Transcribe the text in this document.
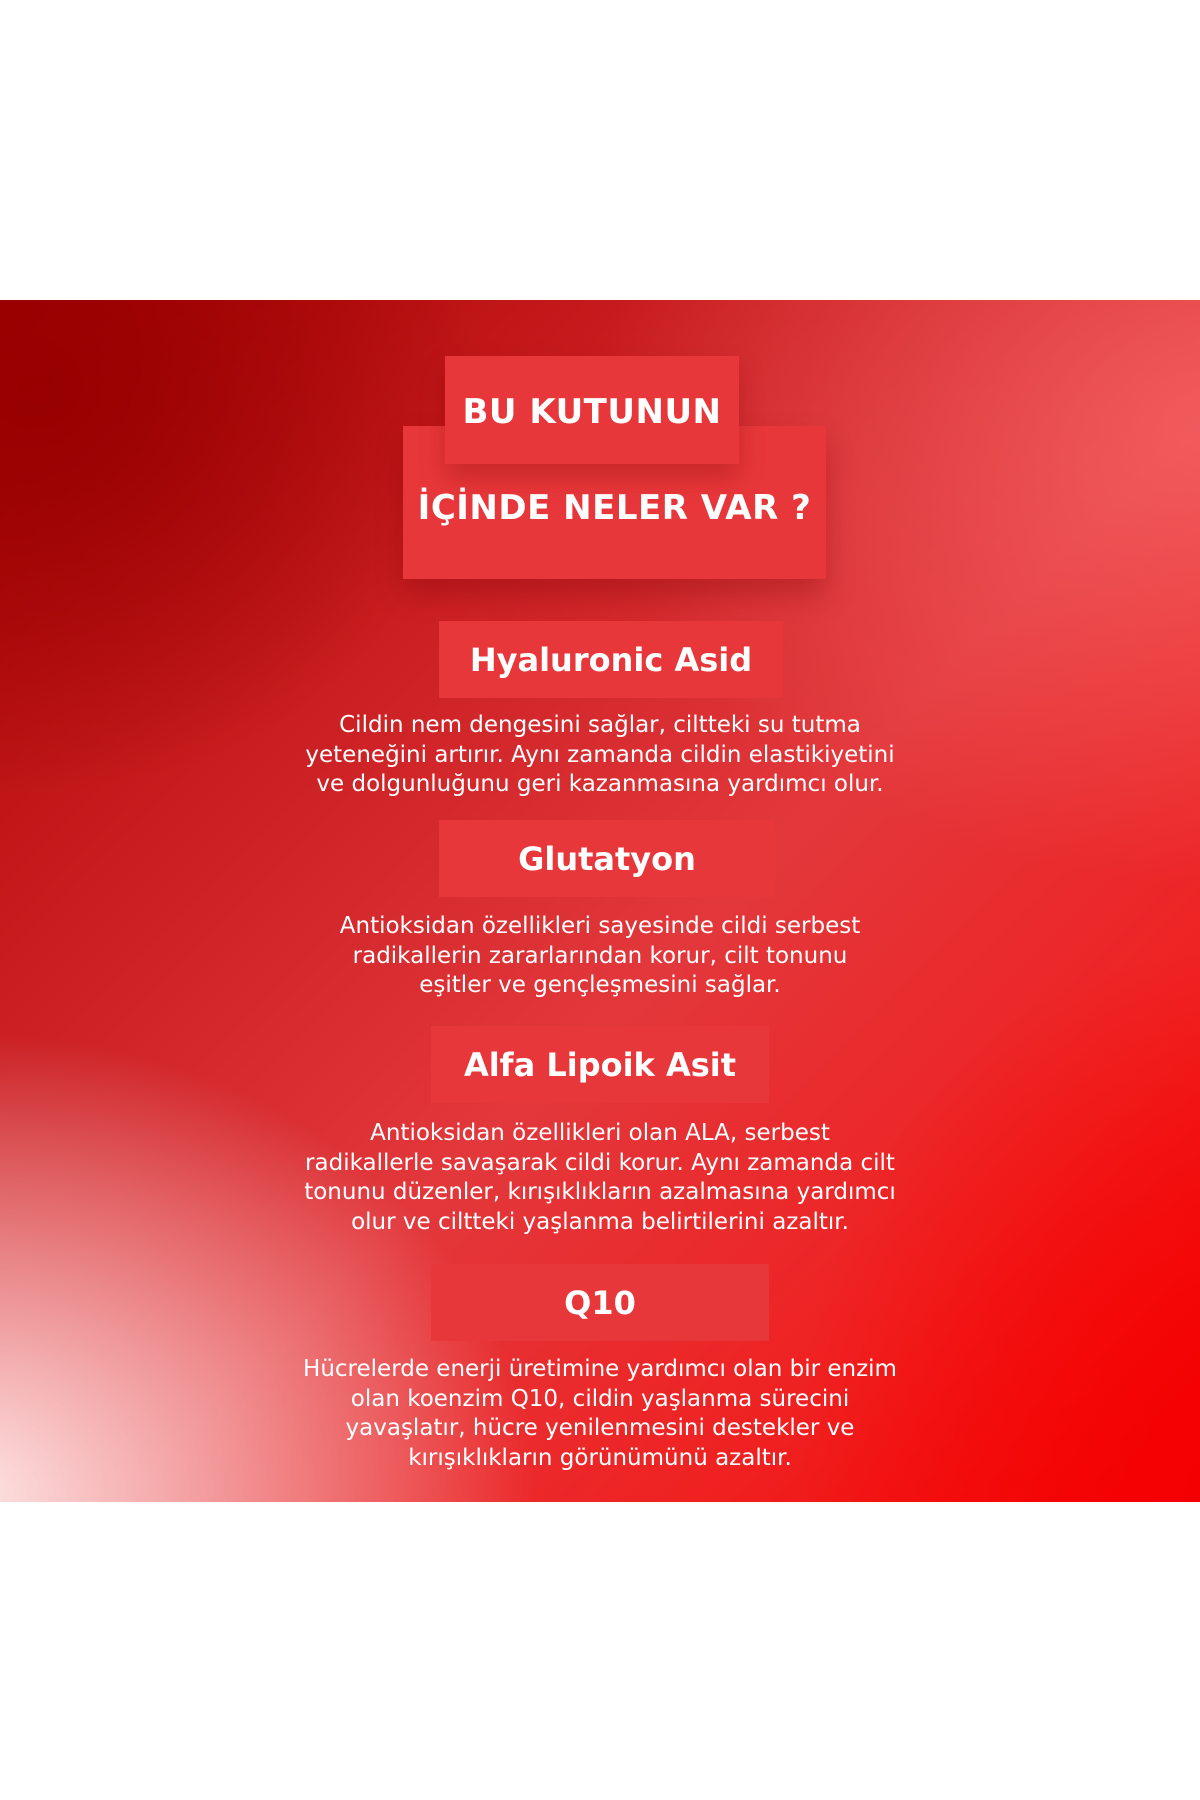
İÇİNDE NELER VAR ?
BU KUTUNUN
Hyaluronic Asid
Cildin nem dengesini sağlar, ciltteki su tutma
yeteneğini artırır. Aynı zamanda cildin elastikiyetini
ve dolgunluğunu geri kazanmasına yardımcı olur.
Glutatyon
Antioksidan özellikleri sayesinde cildi serbest
radikallerin zararlarından korur, cilt tonunu
eşitler ve gençleşmesini sağlar.
Alfa Lipoik Asit
Antioksidan özellikleri olan ALA, serbest
radikallerle savaşarak cildi korur. Aynı zamanda cilt
tonunu düzenler, kırışıklıkların azalmasına yardımcı
olur ve ciltteki yaşlanma belirtilerini azaltır.
Q10
Hücrelerde enerji üretimine yardımcı olan bir enzim
olan koenzim Q10, cildin yaşlanma sürecini
yavaşlatır, hücre yenilenmesini destekler ve
kırışıklıkların görünümünü azaltır.
